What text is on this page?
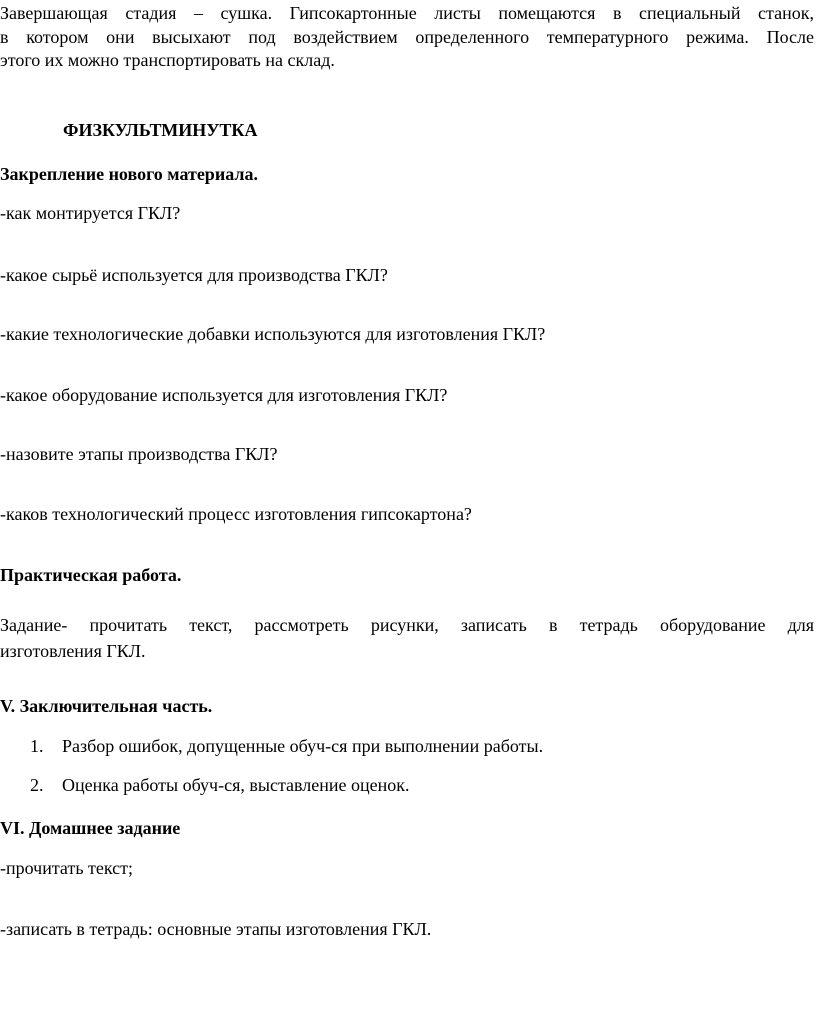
Завершающая стадия – сушка. Гипсокартонные листы помещаются в специальный станок,
в котором они высыхают под воздействием определенного температурного режима. После
этого их можно транспортировать на склад.

ФИЗКУЛЬТМИНУТКА

Закрепление нового материала.

-как монтируется ГКЛ?

-какое сырьё используется для производства ГКЛ?

-какие технологические добавки используются для изготовления ГКЛ?

-какое оборудование используется для изготовления ГКЛ?

-назовите этапы производства ГКЛ?

-каков технологический процесс изготовления гипсокартона?

Практическая работа.

Задание- прочитать текст, рассмотреть рисунки, записать в тетрадь оборудование для
изготовления ГКЛ.

V. Заключительная часть.

1. Разбор ошибок, допущенные обуч-ся при выполнении работы.
2. Оценка работы обуч-ся, выставление оценок.

VI. Домашнее задание

-прочитать текст;

-записать в тетрадь: основные этапы изготовления ГКЛ.
